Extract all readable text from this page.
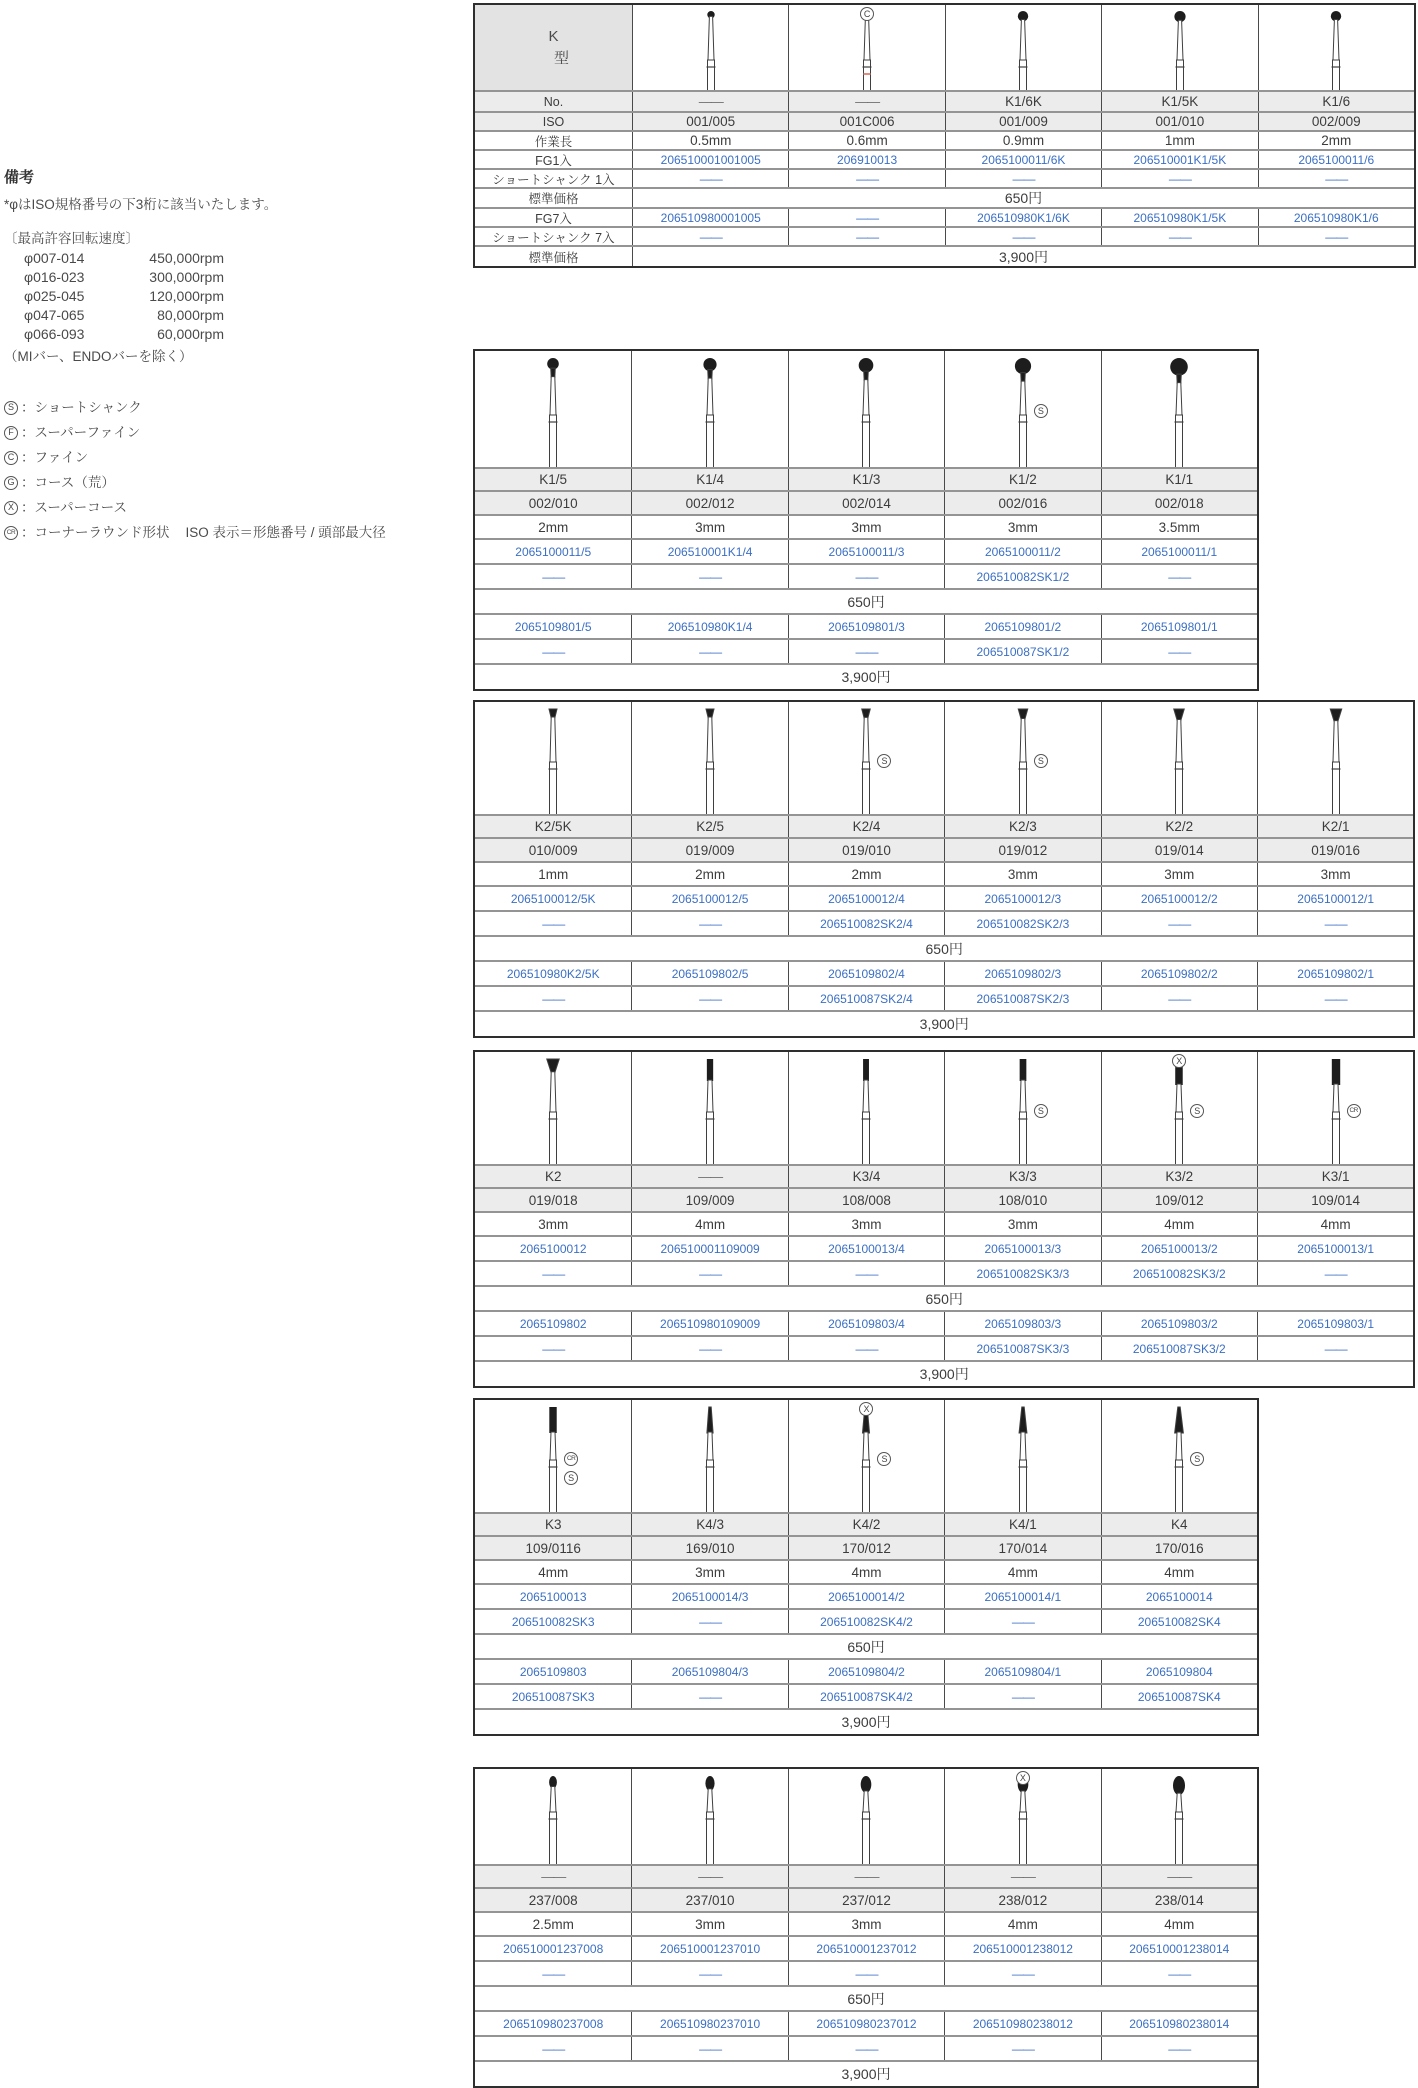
備考
*φはISO規格番号の下3桁に該当いたします。
〔最高許容回転速度〕
φ007-014	450,000rpm
φ016-023	300,000rpm
φ025-045	120,000rpm
φ047-065	80,000rpm
φ066-093	60,000rpm
（MIバー、ENDOバーを除く）
S ：ショートシャンク
F ：スーパーファイン
C ：ファイン
G ：コース（荒）
X ：スーパーコース
CR ：コーナーラウンド形状 ISO 表示＝形態番号 / 頭部最大径
K
型
C
No.	——	——	K1/6K	K1/5K	K1/6
ISO	001/005	001C006	001/009	001/010	002/009
作業長	0.5mm	0.6mm	0.9mm	1mm	2mm
FG1入	206510001001005	206910013	2065100011/6K	206510001K1/5K	2065100011/6
ショートシャンク 1入	——	——	——	——	——
標準価格	650円
FG7入	206510980001005	——	206510980K1/6K	206510980K1/5K	206510980K1/6
ショートシャンク 7入	——	——	——	——	——
標準価格	3,900円
S
K1/5	K1/4	K1/3	K1/2	K1/1
002/010	002/012	002/014	002/016	002/018
2mm	3mm	3mm	3mm	3.5mm
2065100011/5	206510001K1/4	2065100011/3	2065100011/2	2065100011/1
——	——	——	206510082SK1/2	——
650円
2065109801/5	206510980K1/4	2065109801/3	2065109801/2	2065109801/1
——	——	——	206510087SK1/2	——
3,900円
S	S
K2/5K	K2/5	K2/4	K2/3	K2/2	K2/1
010/009	019/009	019/010	019/012	019/014	019/016
1mm	2mm	2mm	3mm	3mm	3mm
2065100012/5K	2065100012/5	2065100012/4	2065100012/3	2065100012/2	2065100012/1
——	——	206510082SK2/4	206510082SK2/3	——	——
650円
206510980K2/5K	2065109802/5	2065109802/4	2065109802/3	2065109802/2	2065109802/1
——	——	206510087SK2/4	206510087SK2/3	——	——
3,900円
S
X
S	CR
K2	——	K3/4	K3/3	K3/2	K3/1
019/018	109/009	108/008	108/010	109/012	109/014
3mm	4mm	3mm	3mm	4mm	4mm
2065100012	206510001109009	2065100013/4	2065100013/3	2065100013/2	2065100013/1
——	——	——	206510082SK3/3	206510082SK3/2	——
650円
2065109802	206510980109009	2065109803/4	2065109803/3	2065109803/2	2065109803/1
——	——	——	206510087SK3/3	206510087SK3/2	——
3,900円
CR
S
X
S	S
K3	K4/3	K4/2	K4/1	K4
109/0116	169/010	170/012	170/014	170/016
4mm	3mm	4mm	4mm	4mm
2065100013	2065100014/3	2065100014/2	2065100014/1	2065100014
206510082SK3	——	206510082SK4/2	——	206510082SK4
650円
2065109803	2065109804/3	2065109804/2	2065109804/1	2065109804
206510087SK3	——	206510087SK4/2	——	206510087SK4
3,900円
X
——	——	——	——	——
237/008	237/010	237/012	238/012	238/014
2.5mm	3mm	3mm	4mm	4mm
206510001237008	206510001237010	206510001237012	206510001238012	206510001238014
——	——	——	——	——
650円
206510980237008	206510980237010	206510980237012	206510980238012	206510980238014
——	——	——	——	——
3,900円
